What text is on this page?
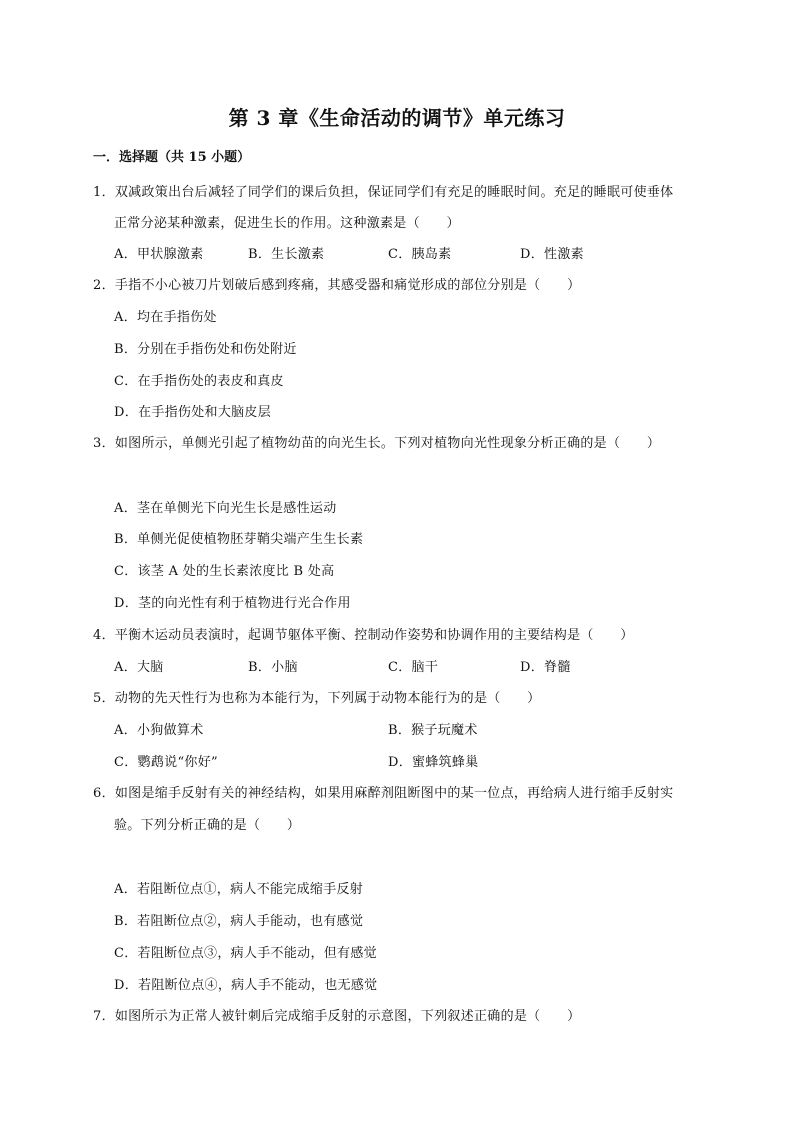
第 3 章《生命活动的调节》单元练习
一．选择题（共 15 小题）
1．双减政策出台后减轻了同学们的课后负担，保证同学们有充足的睡眠时间。充足的睡眠可使垂体
正常分泌某种激素，促进生长的作用。这种激素是（　　）
A．甲状腺激素	B．生长激素	C．胰岛素	D．性激素
2．手指不小心被刀片划破后感到疼痛，其感受器和痛觉形成的部位分别是（　　）
A．均在手指伤处
B．分别在手指伤处和伤处附近
C．在手指伤处的表皮和真皮
D．在手指伤处和大脑皮层
3．如图所示，单侧光引起了植物幼苗的向光生长。下列对植物向光性现象分析正确的是（　　）
A．茎在单侧光下向光生长是感性运动
B．单侧光促使植物胚芽鞘尖端产生生长素
C．该茎 A 处的生长素浓度比 B 处高
D．茎的向光性有利于植物进行光合作用
4．平衡木运动员表演时，起调节躯体平衡、控制动作姿势和协调作用的主要结构是（　　）
A．大脑	B．小脑	C．脑干	D．脊髓
5．动物的先天性行为也称为本能行为，下列属于动物本能行为的是（　　）
A．小狗做算术	B．猴子玩魔术
C．鹦鹉说“你好”	D．蜜蜂筑蜂巢
6．如图是缩手反射有关的神经结构，如果用麻醉剂阻断图中的某一位点，再给病人进行缩手反射实
验。下列分析正确的是（　　）
A．若阻断位点①，病人不能完成缩手反射
B．若阻断位点②，病人手能动，也有感觉
C．若阻断位点③，病人手不能动，但有感觉
D．若阻断位点④，病人手不能动，也无感觉
7．如图所示为正常人被针刺后完成缩手反射的示意图，下列叙述正确的是（　　）
